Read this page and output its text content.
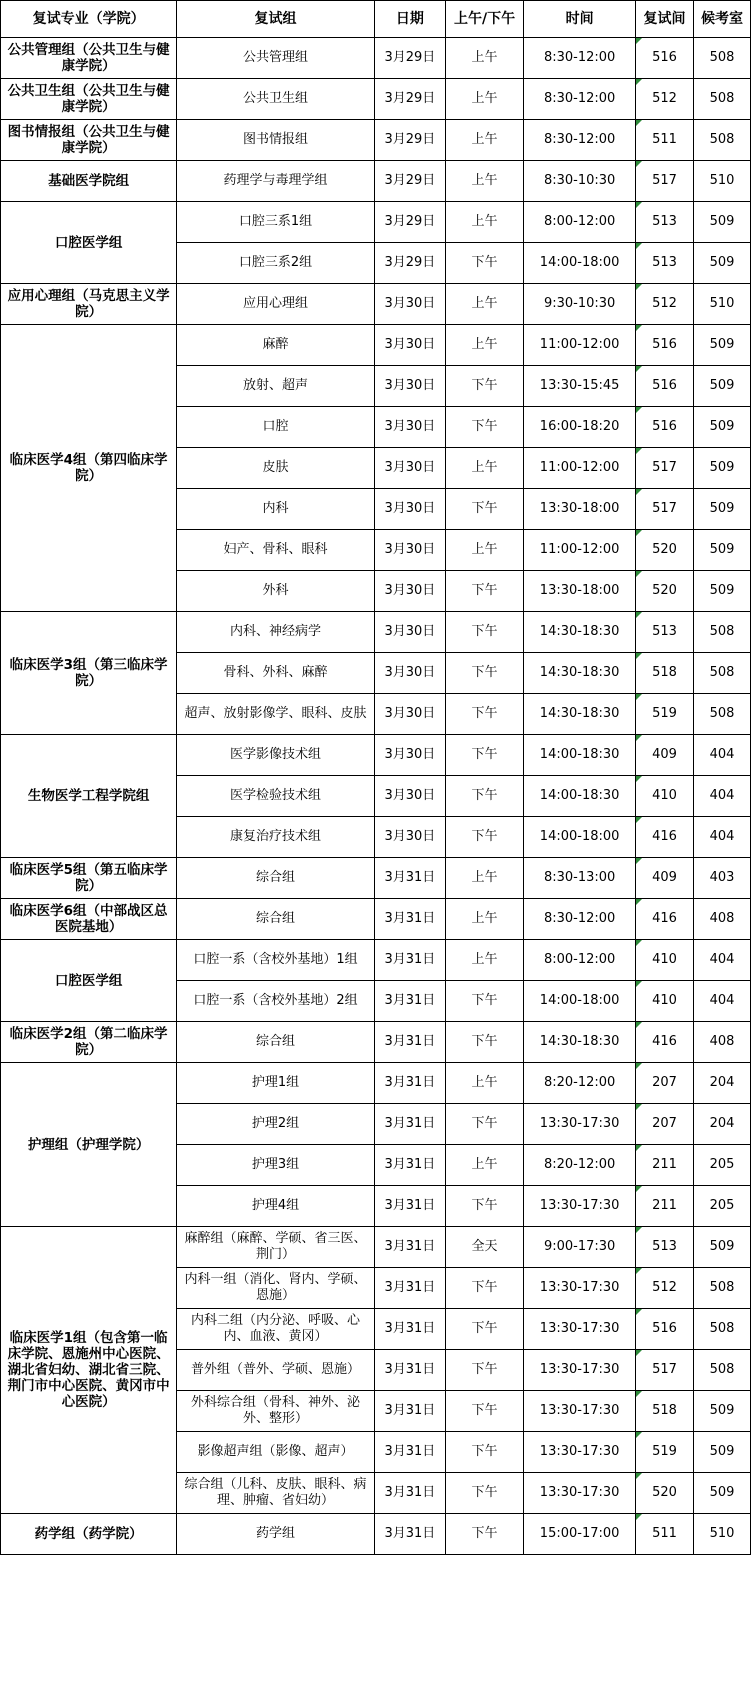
复试专业（学院）	复试组	日期	上午/下午	时间	复试间	候考室
公共管理组（公共卫生与健康学院）	公共管理组	3月29日	上午	8:30-12:00	516	508
公共卫生组（公共卫生与健康学院）	公共卫生组	3月29日	上午	8:30-12:00	512	508
图书情报组（公共卫生与健康学院）	图书情报组	3月29日	上午	8:30-12:00	511	508
基础医学院组	药理学与毒理学组	3月29日	上午	8:30-10:30	517	510
口腔医学组	口腔三系1组	3月29日	上午	8:00-12:00	513	509
	口腔三系2组	3月29日	下午	14:00-18:00	513	509
应用心理组（马克思主义学院）	应用心理组	3月30日	上午	9:30-10:30	512	510
临床医学4组（第四临床学院）	麻醉	3月30日	上午	11:00-12:00	516	509
	放射、超声	3月30日	下午	13:30-15:45	516	509
	口腔	3月30日	下午	16:00-18:20	516	509
	皮肤	3月30日	上午	11:00-12:00	517	509
	内科	3月30日	下午	13:30-18:00	517	509
	妇产、骨科、眼科	3月30日	上午	11:00-12:00	520	509
	外科	3月30日	下午	13:30-18:00	520	509
临床医学3组（第三临床学院）	内科、神经病学	3月30日	下午	14:30-18:30	513	508
	骨科、外科、麻醉	3月30日	下午	14:30-18:30	518	508
	超声、放射影像学、眼科、皮肤	3月30日	下午	14:30-18:30	519	508
生物医学工程学院组	医学影像技术组	3月30日	下午	14:00-18:30	409	404
	医学检验技术组	3月30日	下午	14:00-18:30	410	404
	康复治疗技术组	3月30日	下午	14:00-18:00	416	404
临床医学5组（第五临床学院）	综合组	3月31日	上午	8:30-13:00	409	403
临床医学6组（中部战区总医院基地）	综合组	3月31日	上午	8:30-12:00	416	408
口腔医学组	口腔一系（含校外基地）1组	3月31日	上午	8:00-12:00	410	404
	口腔一系（含校外基地）2组	3月31日	下午	14:00-18:00	410	404
临床医学2组（第二临床学院）	综合组	3月31日	下午	14:30-18:30	416	408
护理组（护理学院）	护理1组	3月31日	上午	8:20-12:00	207	204
	护理2组	3月31日	下午	13:30-17:30	207	204
	护理3组	3月31日	上午	8:20-12:00	211	205
	护理4组	3月31日	下午	13:30-17:30	211	205
临床医学1组（包含第一临床学院、恩施州中心医院、湖北省妇幼、湖北省三院、荆门市中心医院、黄冈市中心医院）	麻醉组（麻醉、学硕、省三医、荆门）	3月31日	全天	9:00-17:30	513	509
	内科一组（消化、肾内、学硕、恩施）	3月31日	下午	13:30-17:30	512	508
	内科二组（内分泌、呼吸、心内、血液、黄冈）	3月31日	下午	13:30-17:30	516	508
	普外组（普外、学硕、恩施）	3月31日	下午	13:30-17:30	517	508
	外科综合组（骨科、神外、泌外、整形）	3月31日	下午	13:30-17:30	518	509
	影像超声组（影像、超声）	3月31日	下午	13:30-17:30	519	509
	综合组（儿科、皮肤、眼科、病理、肿瘤、省妇幼）	3月31日	下午	13:30-17:30	520	509
药学组（药学院）	药学组	3月31日	下午	15:00-17:00	511	510
